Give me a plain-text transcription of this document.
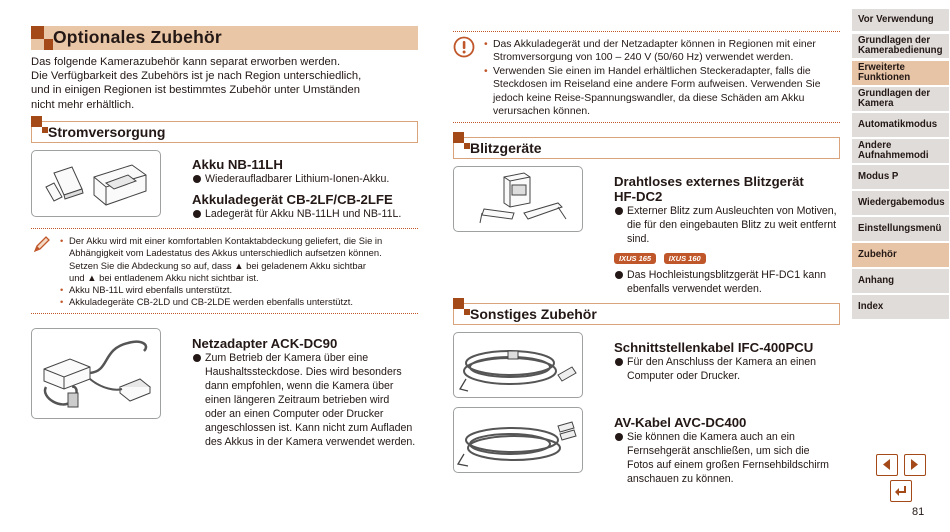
Optionales Zubehör
Das folgende Kamerazubehör kann separat erworben werden.
Die Verfügbarkeit des Zubehörs ist je nach Region unterschiedlich,
und in einigen Regionen ist bestimmtes Zubehör unter Umständen
nicht mehr erhältlich.
Stromversorgung
Akku NB-11LH
Wiederaufladbarer Lithium-Ionen-Akku.
Akkuladegerät CB-2LF/CB-2LFE
Ladegerät für Akku NB-11LH und NB-11L.
• Der Akku wird mit einer komfortablen Kontaktabdeckung geliefert, die Sie in
Abhängigkeit vom Ladestatus des Akkus unterschiedlich aufsetzen können.
Setzen Sie die Abdeckung so auf, dass ▲ bei geladenem Akku sichtbar
und ▲ bei entladenem Akku nicht sichtbar ist.
• Akku NB-11L wird ebenfalls unterstützt.
• Akkuladegeräte CB-2LD und CB-2LDE werden ebenfalls unterstützt.
Netzadapter ACK-DC90
Zum Betrieb der Kamera über eine
Haushaltssteckdose. Dies wird besonders
dann empfohlen, wenn die Kamera über
einen längeren Zeitraum betrieben wird
oder an einen Computer oder Drucker
angeschlossen ist. Kann nicht zum Aufladen
des Akkus in der Kamera verwendet werden.
• Das Akkuladegerät und der Netzadapter können in Regionen mit einer
Stromversorgung von 100 – 240 V (50/60 Hz) verwendet werden.
• Verwenden Sie einen im Handel erhältlichen Steckeradapter, falls die
Steckdosen im Reiseland eine andere Form aufweisen. Verwenden Sie
jedoch keine Reise-Spannungswandler, da diese Schäden am Akku
verursachen können.
Blitzgeräte
Drahtloses externes Blitzgerät
HF-DC2
Externer Blitz zum Ausleuchten von Motiven,
die für den eingebauten Blitz zu weit entfernt
sind.
IXUS 165 IXUS 160
Das Hochleistungsblitzgerät HF-DC1 kann
ebenfalls verwendet werden.
Sonstiges Zubehör
Schnittstellenkabel IFC-400PCU
Für den Anschluss der Kamera an einen
Computer oder Drucker.
AV-Kabel AVC-DC400
Sie können die Kamera auch an ein
Fernsehgerät anschließen, um sich die
Fotos auf einem großen Fernsehbildschirm
anschauen zu können.
Vor Verwendung
Grundlagen der Kamerabedienung
Erweiterte Funktionen
Grundlagen der Kamera
Automatikmodus
Andere Aufnahmemodi
Modus P
Wiedergabemodus
Einstellungsmenü
Zubehör
Anhang
Index
81
